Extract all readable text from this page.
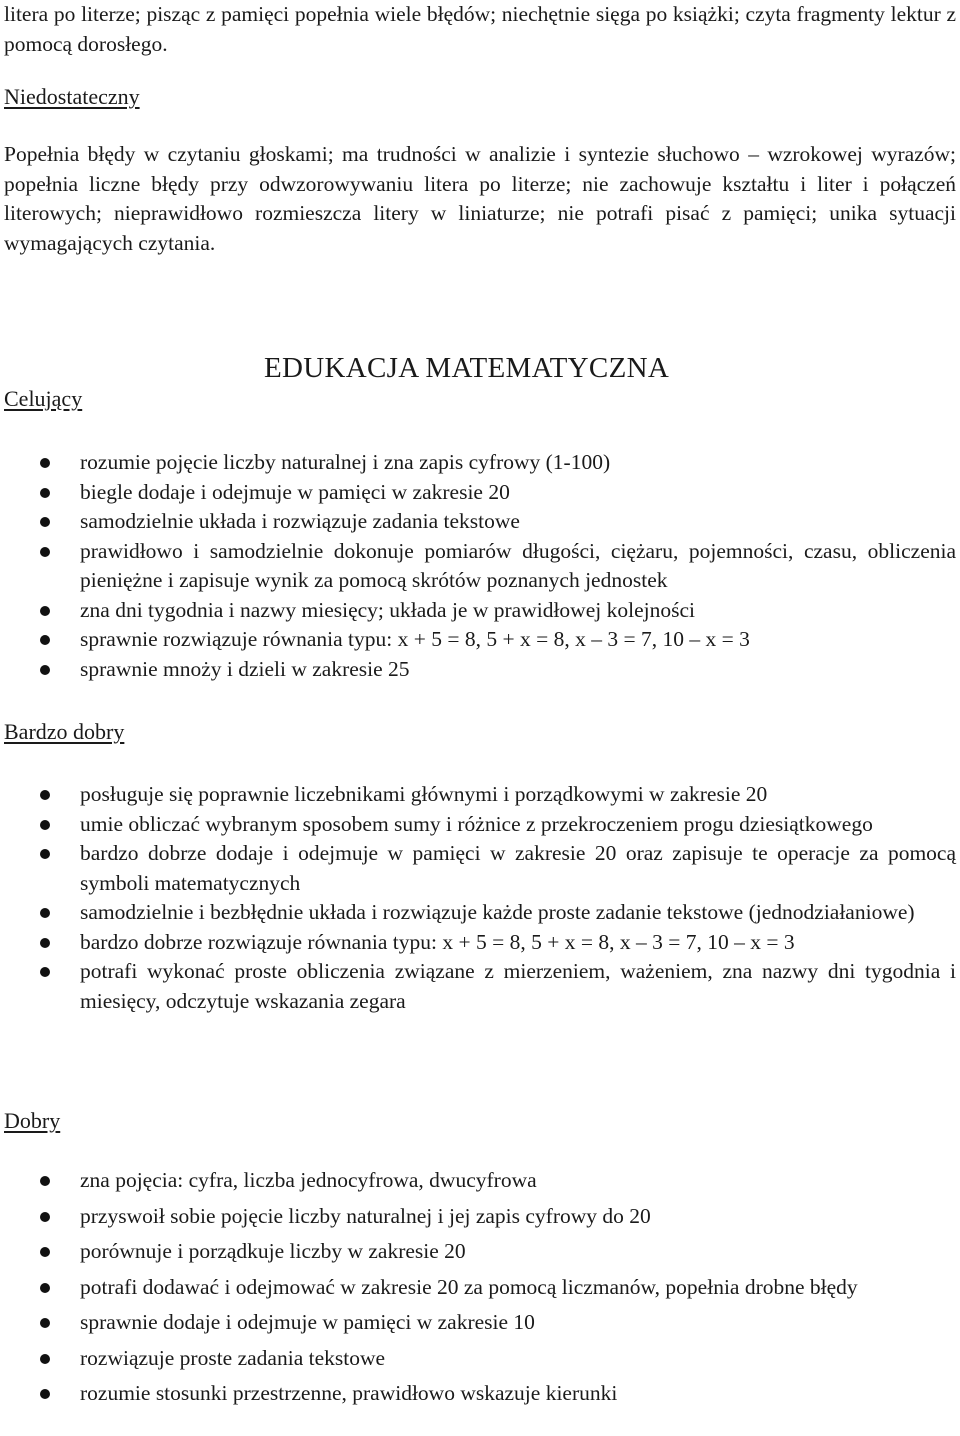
litera po literze; pisząc z pamięci popełnia wiele błędów; niechętnie sięga po książki; czyta fragmenty lektur z pomocą dorosłego.

Niedostateczny

Popełnia błędy w czytaniu głoskami; ma trudności w analizie i syntezie słuchowo – wzrokowej wyrazów; popełnia liczne błędy przy odwzorowywaniu litera po literze; nie zachowuje kształtu i liter i połączeń literowych; nieprawidłowo rozmieszcza litery w liniaturze; nie potrafi pisać z pamięci; unika sytuacji wymagających czytania.

EDUKACJA MATEMATYCZNA
Celujący
rozumie pojęcie liczby naturalnej i zna zapis cyfrowy (1-100)
biegle dodaje i odejmuje w pamięci w zakresie 20
samodzielnie układa i rozwiązuje zadania tekstowe
prawidłowo i samodzielnie dokonuje pomiarów długości, ciężaru, pojemności, czasu, obliczenia pieniężne i zapisuje wynik za pomocą skrótów poznanych jednostek
zna dni tygodnia i nazwy miesięcy; układa je w prawidłowej kolejności
sprawnie rozwiązuje równania typu: x + 5 = 8, 5 + x = 8, x – 3 = 7, 10 – x = 3
sprawnie mnoży i dzieli w zakresie 25
Bardzo dobry
posługuje się poprawnie liczebnikami głównymi i porządkowymi w zakresie 20
umie obliczać wybranym sposobem sumy i różnice z przekroczeniem progu dziesiątkowego
bardzo dobrze dodaje i odejmuje w pamięci w zakresie 20 oraz zapisuje te operacje za pomocą symboli matematycznych
samodzielnie i bezbłędnie układa i rozwiązuje każde proste zadanie tekstowe (jednodziałaniowe)
bardzo dobrze rozwiązuje równania typu: x + 5 = 8, 5 + x = 8, x – 3 = 7, 10 – x = 3
potrafi wykonać proste obliczenia związane z mierzeniem, ważeniem, zna nazwy dni tygodnia i miesięcy, odczytuje wskazania zegara
Dobry
zna pojęcia: cyfra, liczba jednocyfrowa, dwucyfrowa
przyswoił sobie pojęcie liczby naturalnej i jej zapis cyfrowy do 20
porównuje i porządkuje liczby w zakresie 20
potrafi dodawać i odejmować w zakresie 20 za pomocą liczmanów, popełnia drobne błędy
sprawnie dodaje i odejmuje w pamięci w zakresie 10
rozwiązuje proste zadania tekstowe
rozumie stosunki przestrzenne, prawidłowo wskazuje kierunki
